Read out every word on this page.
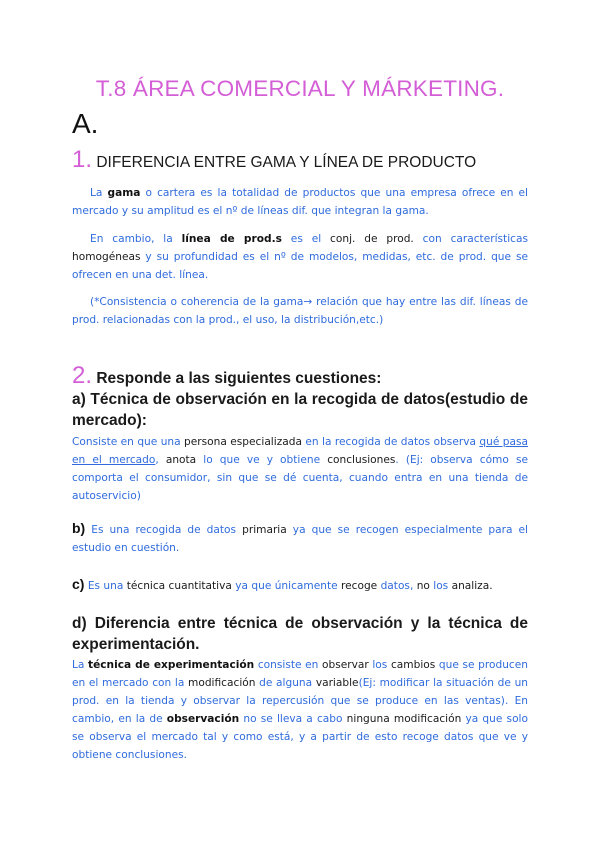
T.8 ÁREA COMERCIAL Y MÁRKETING.
A.
1. DIFERENCIA ENTRE GAMA Y LÍNEA DE PRODUCTO
La gama o cartera es la totalidad de productos que una empresa ofrece en el mercado y su amplitud es el nº de líneas dif. que integran la gama.
En cambio, la línea de prod.s es el conj. de prod. con características homogéneas y su profundidad es el nº de modelos, medidas, etc. de prod. que se ofrecen en una det. línea.
(*Consistencia o coherencia de la gama→ relación que hay entre las dif. líneas de prod. relacionadas con la prod., el uso, la distribución,etc.)
2. Responde a las siguientes cuestiones:
a) Técnica de observación en la recogida de datos(estudio de mercado):
Consiste en que una persona especializada en la recogida de datos observa qué pasa en el mercado, anota lo que ve y obtiene conclusiones. (Ej: observa cómo se comporta el consumidor, sin que se dé cuenta, cuando entra en una tienda de autoservicio)
b) Es una recogida de datos primaria ya que se recogen especialmente para el estudio en cuestión.
c) Es una técnica cuantitativa ya que únicamente recoge datos, no los analiza.
d) Diferencia entre técnica de observación y la técnica de experimentación.
La técnica de experimentación consiste en observar los cambios que se producen en el mercado con la modificación de alguna variable(Ej: modificar la situación de un prod. en la tienda y observar la repercusión que se produce en las ventas). En cambio, en la de observación no se lleva a cabo ninguna modificación ya que solo se observa el mercado tal y como está, y a partir de esto recoge datos que ve y obtiene conclusiones.
